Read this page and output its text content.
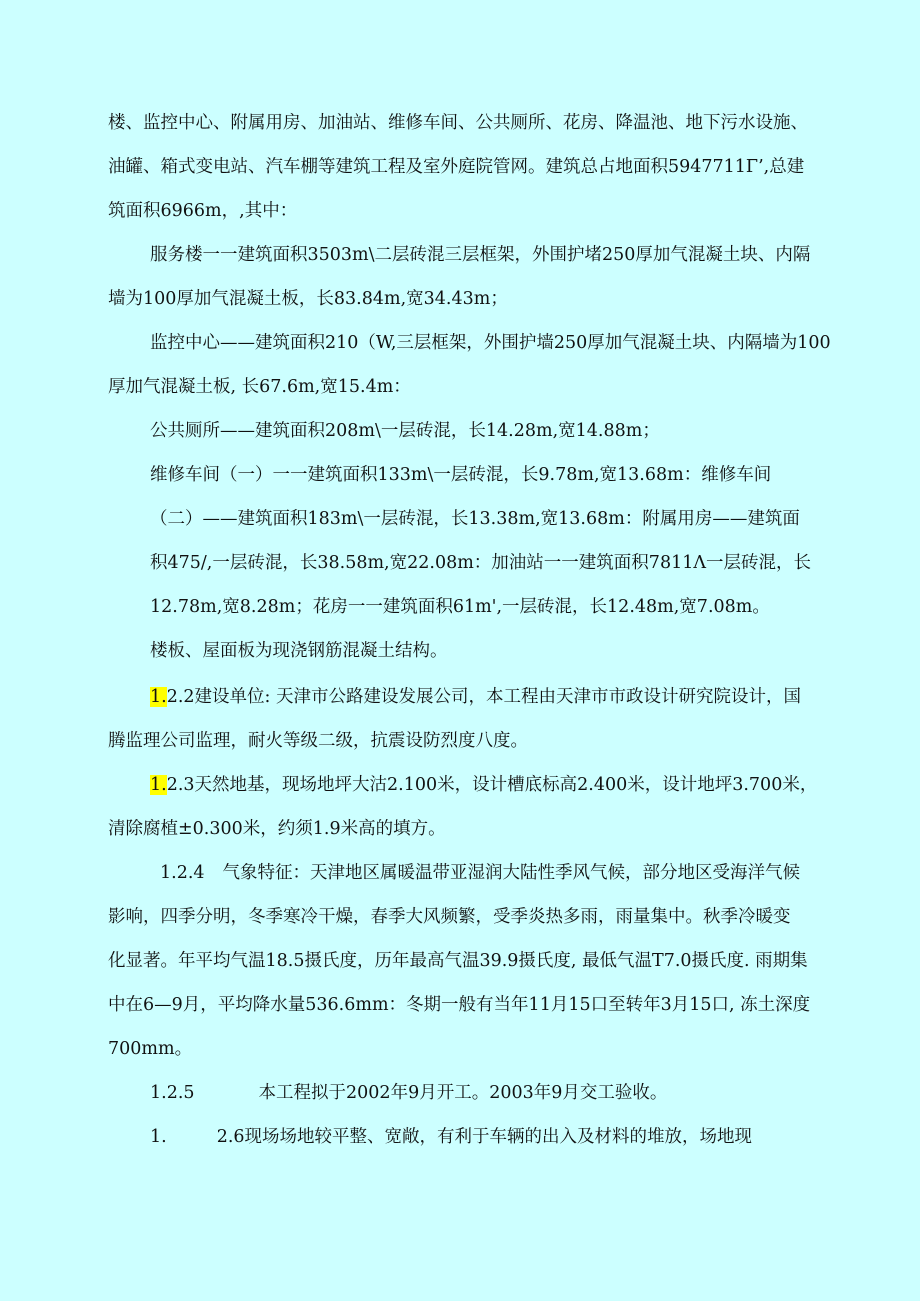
楼、监控中心、附属用房、加油站、维修车间、公共厕所、花房、降温池、地下污水设施、
油罐、箱式变电站、汽车棚等建筑工程及室外庭院管网。建筑总占地面积5947711Γ’,总建
筑面积6966m，,其中：
服务楼一一建筑面积3503m\二层砖混三层框架，外围护堵250厚加气混凝土块、内隔
墙为100厚加气混凝土板，长83.84m,宽34.43m；
监控中心——建筑面积210（W,三层框架，外围护墙250厚加气混凝土块、内隔墙为100
厚加气混凝土板, 长67.6m,宽15.4m：
公共厕所——建筑面积208m\一层砖混，长14.28m,宽14.88m；
维修车间（一）一一建筑面积133m\一层砖混，长9.78m,宽13.68m：维修车间
（二）——建筑面积183m\一层砖混，长13.38m,宽13.68m：附属用房——建筑面
积475/,一层砖混，长38.58m,宽22.08m：加油站一一建筑面积7811Λ一层砖混，长
12.78m,宽8.28m；花房一一建筑面积61m',一层砖混，长12.48m,宽7.08m。
楼板、屋面板为现浇钢筋混凝土结构。
1.2.2建设单位: 天津市公路建设发展公司，本工程由天津市市政设计研究院设计，国
腾监理公司监理，耐火等级二级，抗震设防烈度八度。
1.2.3天然地基，现场地坪大沽2.100米，设计槽底标高2.400米，设计地坪3.700米，
清除腐植±0.300米，约须1.9米高的填方。
1.2.4 气象特征：天津地区属暖温带亚湿润大陆性季风气候，部分地区受海洋气候
影响，四季分明，冬季寒冷干燥，春季大风频繁，受季炎热多雨，雨量集中。秋季冷暖变
化显著。年平均气温18.5摄氏度，历年最高气温39.9摄氏度, 最低气温T7.0摄氏度. 雨期集
中在6—9月，平均降水量536.6mm：冬期一般有当年11月15口至转年3月15口, 冻土深度
700mm。
1.2.5	本工程拟于2002年9月开工。2003年9月交工验收。
1.	2.6现场场地较平整、宽敞，有利于车辆的出入及材料的堆放，场地现
